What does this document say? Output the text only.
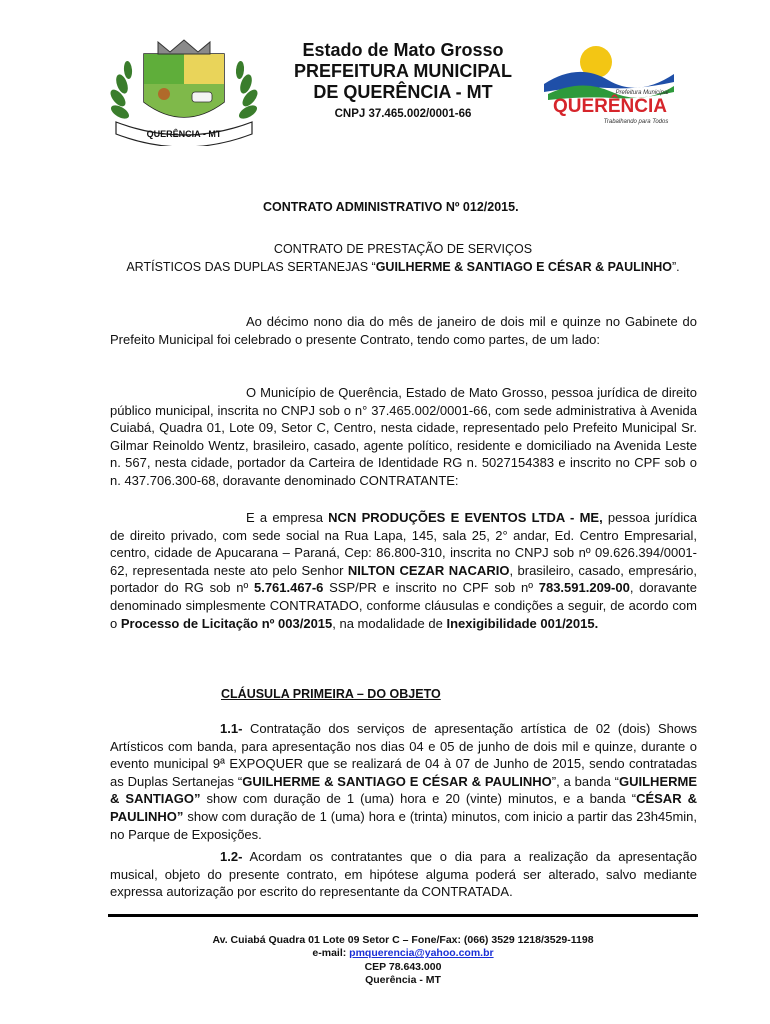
QUERÊNCIA - MT
Estado de Mato Grosso
PREFEITURA MUNICIPAL
DE QUERÊNCIA - MT
CNPJ 37.465.002/0001-66
Prefeitura Municipal
QUERÊNCIA
Trabalhando para Todos
CONTRATO ADMINISTRATIVO Nº 012/2015.
CONTRATO DE PRESTAÇÃO DE SERVIÇOS
ARTÍSTICOS DAS DUPLAS SERTANEJAS “GUILHERME & SANTIAGO E CÉSAR & PAULINHO”.
Ao décimo nono dia do mês de janeiro de dois mil e quinze no Gabinete do Prefeito Municipal foi celebrado o presente Contrato, tendo como partes, de um lado:
O Município de Querência, Estado de Mato Grosso, pessoa jurídica de direito público municipal, inscrita no CNPJ sob o n° 37.465.002/0001-66, com sede administrativa à Avenida Cuiabá, Quadra 01, Lote 09, Setor C, Centro, nesta cidade, representado pelo Prefeito Municipal Sr. Gilmar Reinoldo Wentz, brasileiro, casado, agente político, residente e domiciliado na Avenida Leste n. 567, nesta cidade, portador da Carteira de Identidade RG n. 5027154383 e inscrito no CPF sob o n. 437.706.300-68, doravante denominado CONTRATANTE:
E a empresa NCN PRODUÇÕES E EVENTOS LTDA - ME, pessoa jurídica de direito privado, com sede social na Rua Lapa, 145, sala 25, 2° andar, Ed. Centro Empresarial, centro, cidade de Apucarana – Paraná, Cep: 86.800-310, inscrita no CNPJ sob nº 09.626.394/0001-62, representada neste ato pelo Senhor NILTON CEZAR NACARIO, brasileiro, casado, empresário, portador do RG sob nº 5.761.467-6 SSP/PR e inscrito no CPF sob nº 783.591.209-00, doravante denominado simplesmente CONTRATADO, conforme cláusulas e condições a seguir, de acordo com o Processo de Licitação nº 003/2015, na modalidade de Inexigibilidade 001/2015.
CLÁUSULA PRIMEIRA – DO OBJETO
1.1- Contratação dos serviços de apresentação artística de 02 (dois) Shows Artísticos com banda, para apresentação nos dias 04 e 05 de junho de dois mil e quinze, durante o evento municipal 9ª EXPOQUER que se realizará de 04 à 07 de Junho de 2015, sendo contratadas as Duplas Sertanejas “GUILHERME & SANTIAGO E CÉSAR & PAULINHO”, a banda “GUILHERME & SANTIAGO” show com duração de 1 (uma) hora e 20 (vinte) minutos, e a banda “CÉSAR & PAULINHO” show com duração de 1 (uma) hora e (trinta) minutos, com inicio a partir das 23h45min, no Parque de Exposições.
1.2- Acordam os contratantes que o dia para a realização da apresentação musical, objeto do presente contrato, em hipótese alguma poderá ser alterado, salvo mediante expressa autorização por escrito do representante da CONTRATADA.
Av. Cuiabá Quadra 01 Lote 09 Setor C – Fone/Fax: (066) 3529 1218/3529-1198
e-mail: pmquerencia@yahoo.com.br
CEP 78.643.000
Querência - MT
